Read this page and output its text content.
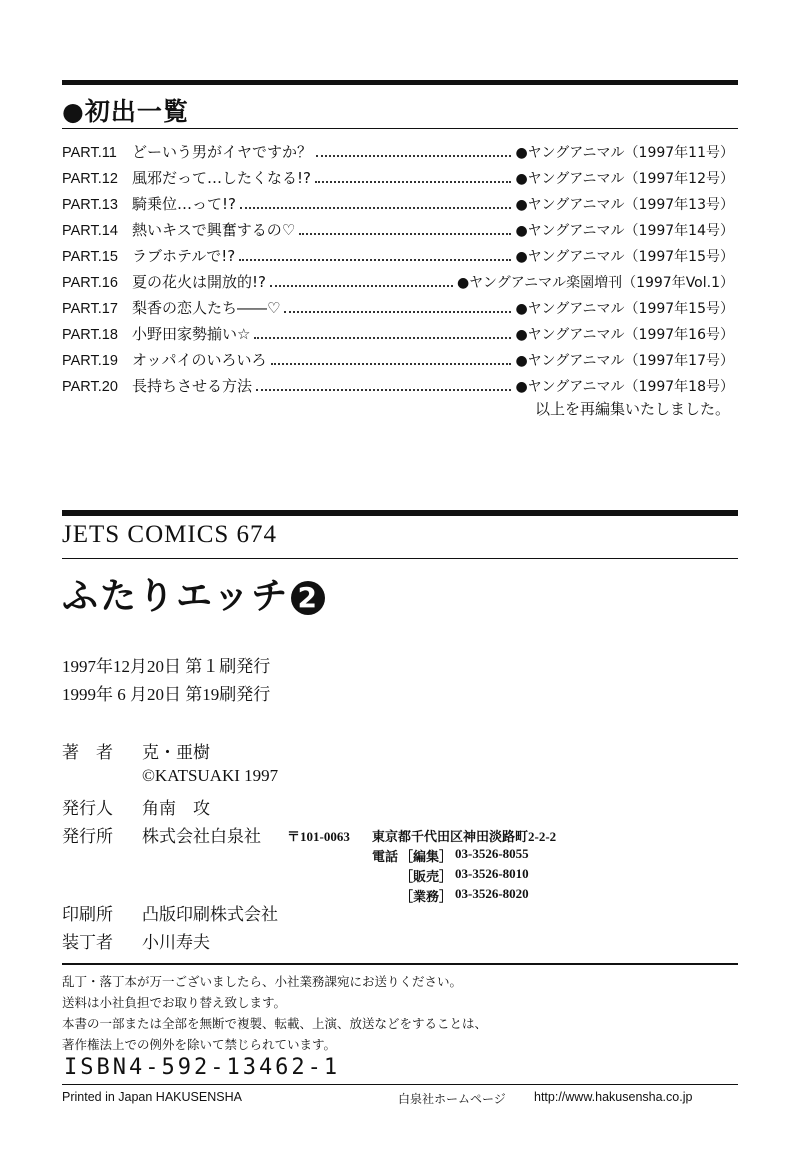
●初出一覧
PART.11	どーいう男がイヤですか？	●ヤングアニマル（1997年11号）
PART.12 風邪だって…したくなる!?	●ヤングアニマル（1997年12号）
PART.13 騎乗位…って!?	●ヤングアニマル（1997年13号）
PART.14 熱いキスで興奮するの♡	●ヤングアニマル（1997年14号）
PART.15 ラブホテルで!?	●ヤングアニマル（1997年15号）
PART.16 夏の花火は開放的!?	●ヤングアニマル楽園増刊（1997年Vol.1）
PART.17 梨香の恋人たち――♡	●ヤングアニマル（1997年15号）
PART.18 小野田家勢揃い☆	●ヤングアニマル（1997年16号）
PART.19 オッパイのいろいろ	●ヤングアニマル（1997年17号）
PART.20 長持ちさせる方法	●ヤングアニマル（1997年18号）
以上を再編集いたしました。
JETS COMICS 674
ふたりエッチ 2
1997年12月20日 第１刷発行
1999年 6 月20日 第19刷発行
著　者 克・亜樹
©KATSUAKI 1997
発行人 角南　攻
発行所 株式会社白泉社 〒101-0063 東京都千代田区神田淡路町2-2-2
電話 ［編集］ 03-3526-8055
［販売］ 03-3526-8010
［業務］ 03-3526-8020
印刷所 凸版印刷株式会社
装丁者 小川寿夫
乱丁・落丁本が万一ございましたら、小社業務課宛にお送りください。
送料は小社負担でお取り替え致します。
本書の一部または全部を無断で複製、転載、上演、放送などをすることは、
著作権法上での例外を除いて禁じられています。
ISBN4-592-13462-1
Printed in Japan HAKUSENSHA	白泉社ホームページ http://www.hakusensha.co.jp
